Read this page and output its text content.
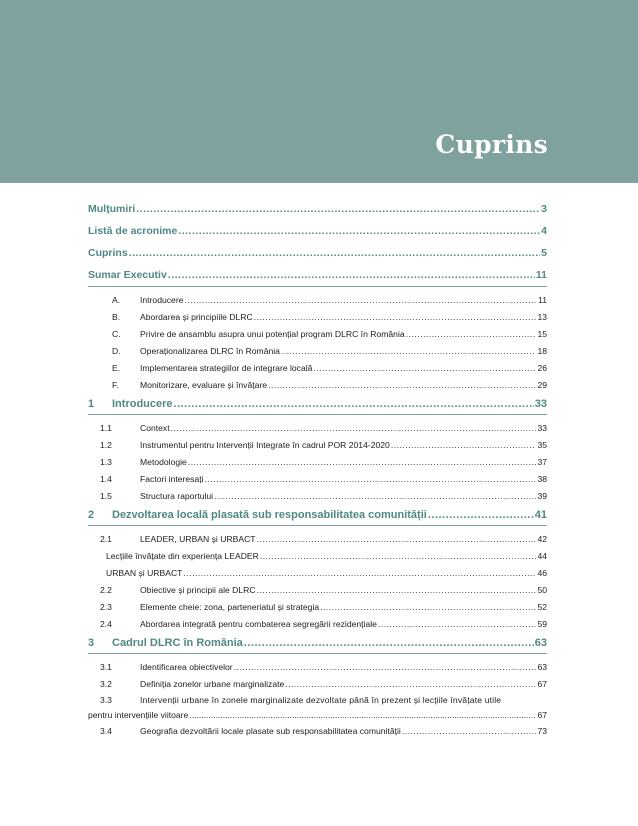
Cuprins
Mulțumiri .....	3
Listă de acronime .....	4
Cuprins .....	5
Sumar Executiv .....	11
A. Introducere .....	11
B. Abordarea și principiile DLRC .....	13
C. Privire de ansamblu asupra unui potențial program DLRC în România .....	15
D. Operaționalizarea DLRC în România .....	18
E. Implementarea strategiilor de integrare locală .....	26
F. Monitorizare, evaluare și învățare .....	29
1 Introducere .....	33
1.1	Context .....	33
1.2	Instrumentul pentru Intervenții Integrate în cadrul POR 2014-2020 .....	35
1.3	Metodologie .....	37
1.4	Factori interesați .....	38
1.5	Structura raportului .....	39
2 Dezvoltarea locală plasată sub responsabilitatea comunității .....	41
2.1	LEADER, URBAN și URBACT .....	42
Lecțiile învățate din experiența LEADER .....	44
URBAN și URBACT .....	46
2.2	Obiective și principii ale DLRC .....	50
2.3	Elemente cheie: zona, parteneriatul și strategia .....	52
2.4	Abordarea integrată pentru combaterea segregării rezidențiale .....	59
3 Cadrul DLRC în România .....	63
3.1	Identificarea obiectivelor .....	63
3.2	Definiția zonelor urbane marginalizate .....	67
3.3	Intervenții urbane în zonele marginalizate dezvoltate până în prezent și lecțiile învățate utile
pentru intervențiile viitoare .....	67
3.4	Geografia dezvoltării locale plasate sub responsabilitatea comunității .....	73
